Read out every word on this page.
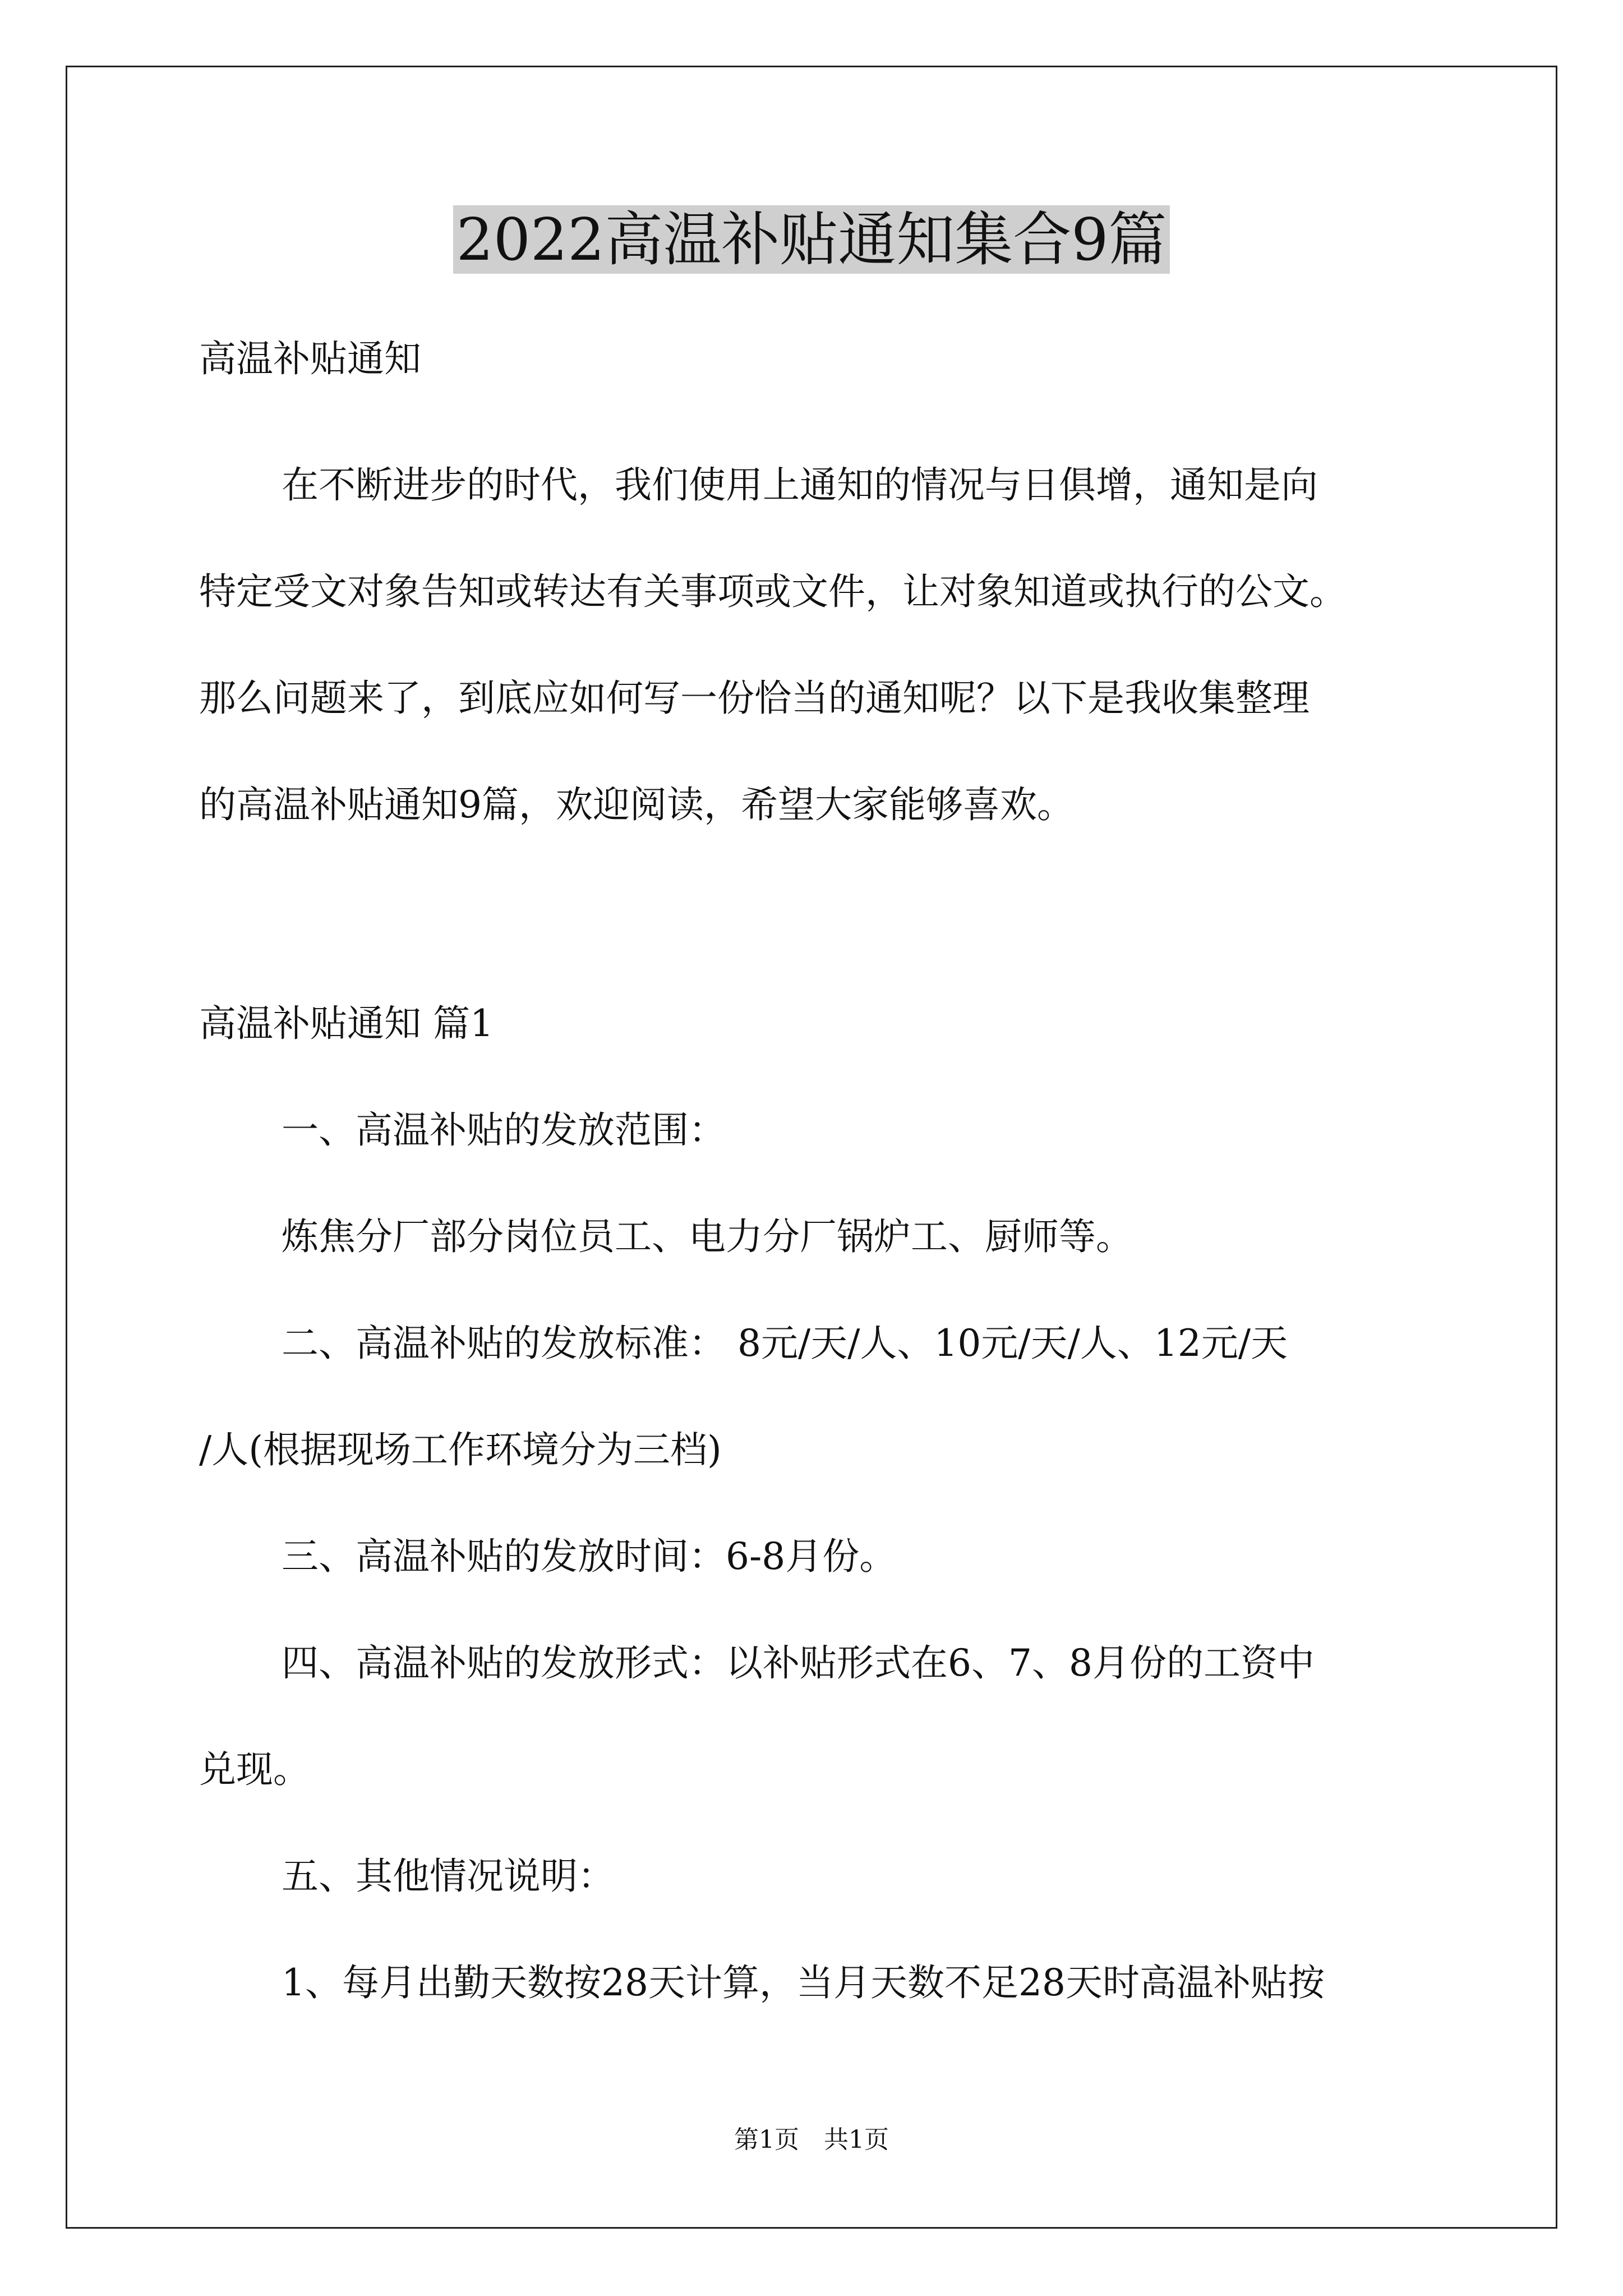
2022高温补贴通知集合9篇

高温补贴通知

在不断进步的时代，我们使用上通知的情况与日俱增，通知是向

特定受文对象告知或转达有关事项或文件，让对象知道或执行的公文。

那么问题来了，到底应如何写一份恰当的通知呢？以下是我收集整理

的高温补贴通知9篇，欢迎阅读，希望大家能够喜欢。

高温补贴通知 篇1

一、高温补贴的发放范围：

炼焦分厂部分岗位员工、电力分厂锅炉工、厨师等。

二、高温补贴的发放标准： 8元/天/人、10元/天/人、12元/天

/人(根据现场工作环境分为三档)

三、高温补贴的发放时间：6-8月份。

四、高温补贴的发放形式：以补贴形式在6、7、8月份的工资中

兑现。

五、其他情况说明：

1、每月出勤天数按28天计算，当月天数不足28天时高温补贴按

第1页　共1页
